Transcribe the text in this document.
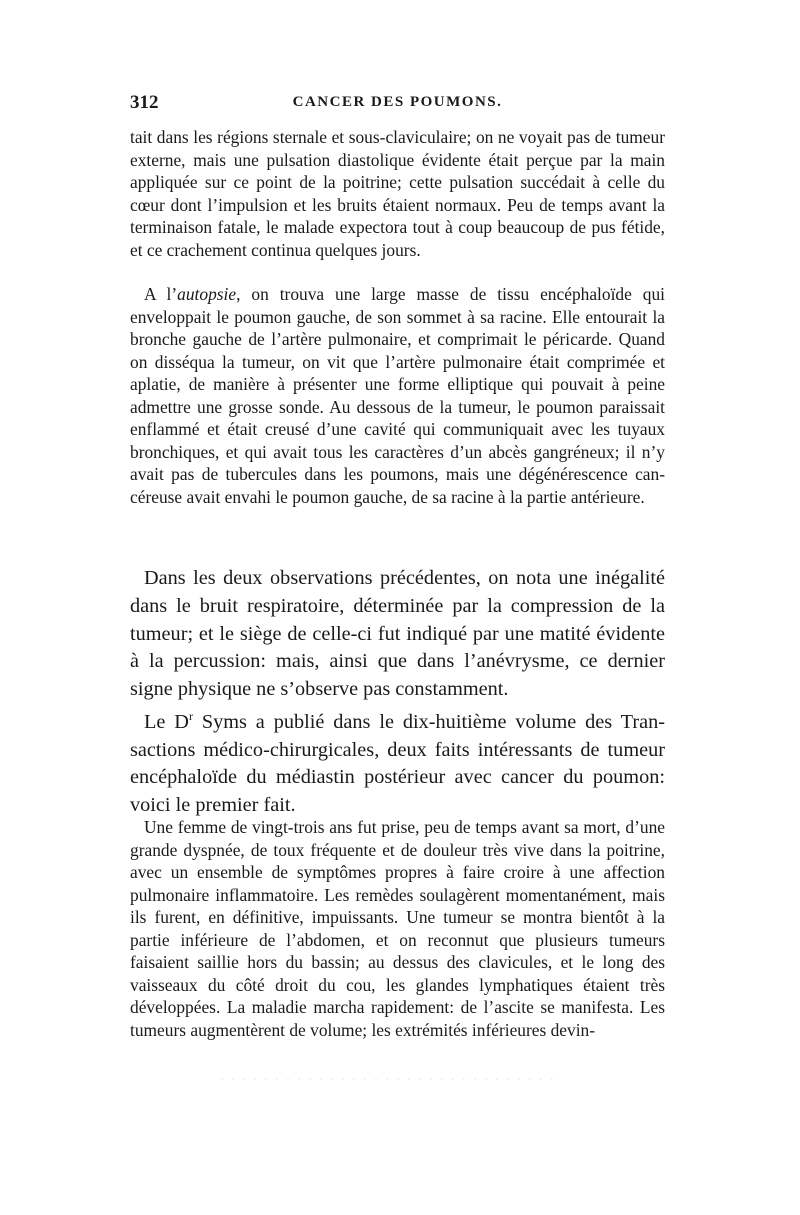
312	CANCER DES POUMONS.

tait dans les régions sternale et sous-claviculaire; on ne voyait pas de tumeur externe, mais une pulsation diastolique évidente était perçue par la main appliquée sur ce point de la poitrine; cette pulsation succédait à celle du cœur dont l’impulsion et les bruits étaient normaux. Peu de temps avant la terminaison fatale, le malade expectora tout à coup beaucoup de pus fétide, et ce crachement continua quelques jours.

A l’autopsie, on trouva une large masse de tissu encéphaloïde qui enveloppait le poumon gauche, de son sommet à sa racine. Elle entourait la bronche gauche de l’artère pulmonaire, et comprimait le péricarde. Quand on disséqua la tumeur, on vit que l’artère pulmonaire était comprimée et aplatie, de manière à présenter une forme elliptique qui pouvait à peine admettre une grosse sonde. Au dessous de la tumeur, le poumon paraissait enflammé et était creusé d’une cavité qui communiquait avec les tuyaux bronchiques, et qui avait tous les caractères d’un abcès gangréneux; il n’y avait pas de tubercules dans les poumons, mais une dégénérescence cancéreuse avait envahi le poumon gauche, de sa racine à la partie antérieure.

Dans les deux observations précédentes, on nota une inégalité dans le bruit respiratoire, déterminée par la compression de la tumeur; et le siège de celle-ci fut indiqué par une matité évidente à la percussion: mais, ainsi que dans l’anévrysme, ce dernier signe physique ne s’observe pas constamment.

Le $D^r$ Syms a publié dans le dix-huitième volume des Transactions médico-chirurgicales, deux faits intéressants de tumeur encéphaloïde du médiastin postérieur avec cancer du poumon: voici le premier fait.

Une femme de vingt-trois ans fut prise, peu de temps avant sa mort, d’une grande dyspnée, de toux fréquente et de douleur très vive dans la poitrine, avec un ensemble de symptômes propres à faire croire à une affection pulmonaire inflammatoire. Les remèdes soulagèrent momentanément, mais ils furent, en définitive, impuissants. Une tumeur se montra bientôt à la partie inférieure de l’abdomen, et on reconnut que plusieurs tumeurs faisaient saillie hors du bassin; au dessus des clavicules, et le long des vaisseaux du côté droit du cou, les glandes lymphatiques étaient très développées. La maladie marcha rapidement: de l’ascite se manifesta. Les tumeurs augmentèrent de volume; les extrémités inférieures devin-

· · · · · · · · · · · · · · · · · · · · · · · · · · · · · · ·
